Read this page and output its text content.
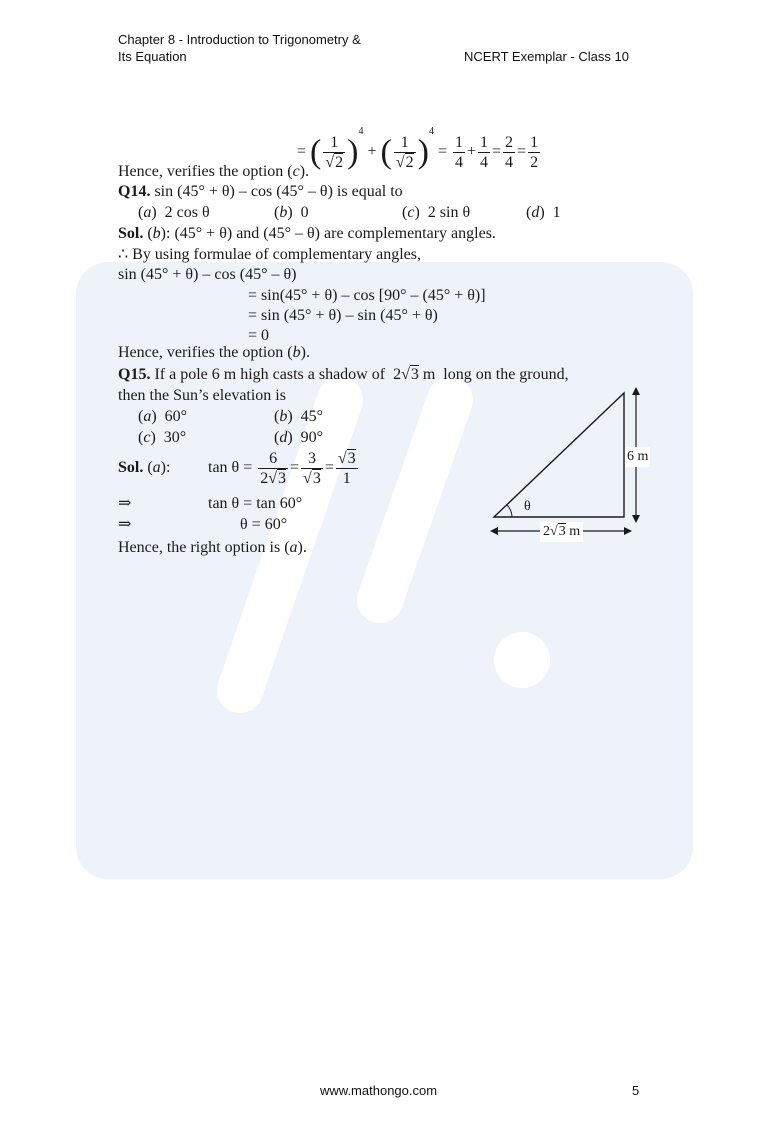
Chapter 8 - Introduction to Trigonometry &
Its Equation	NCERT Exemplar - Class 10
= ( $\frac{1}{√2} )^4$ + ( $\frac{1}{√2} )^4 = \frac{1}{4} + \frac{1}{4} = \frac{2}{4} = \frac{1}{2}$
Hence, verifies the option (c).
Q14. sin (45° + θ) – cos (45° – θ) is equal to
(a)  2 cos θ	(b)  0	(c)  2 sin θ	(d)  1
Sol. (b): (45° + θ) and (45° – θ) are complementary angles.
∴ By using formulae of complementary angles,
sin (45° + θ) – cos (45° – θ)
= sin(45° + θ) – cos [90° – (45° + θ)]
= sin (45° + θ) – sin (45° + θ)
= 0
Hence, verifies the option (b).
Q15. If a pole 6 m high casts a shadow of 2√3 m long on the ground,
then the Sun’s elevation is
(a)  60°	(b)  45°
(c)  30°	(d)  90°
Sol. (a): $\tan \theta = \frac{6}{2√3} = \frac{3}{√3} = \frac{√3}{1}$
⇒	tan θ = tan 60°
⇒	θ = 60°
Hence, the right option is (a).
6 m
θ
2√3 m
www.mathongo.com	5
